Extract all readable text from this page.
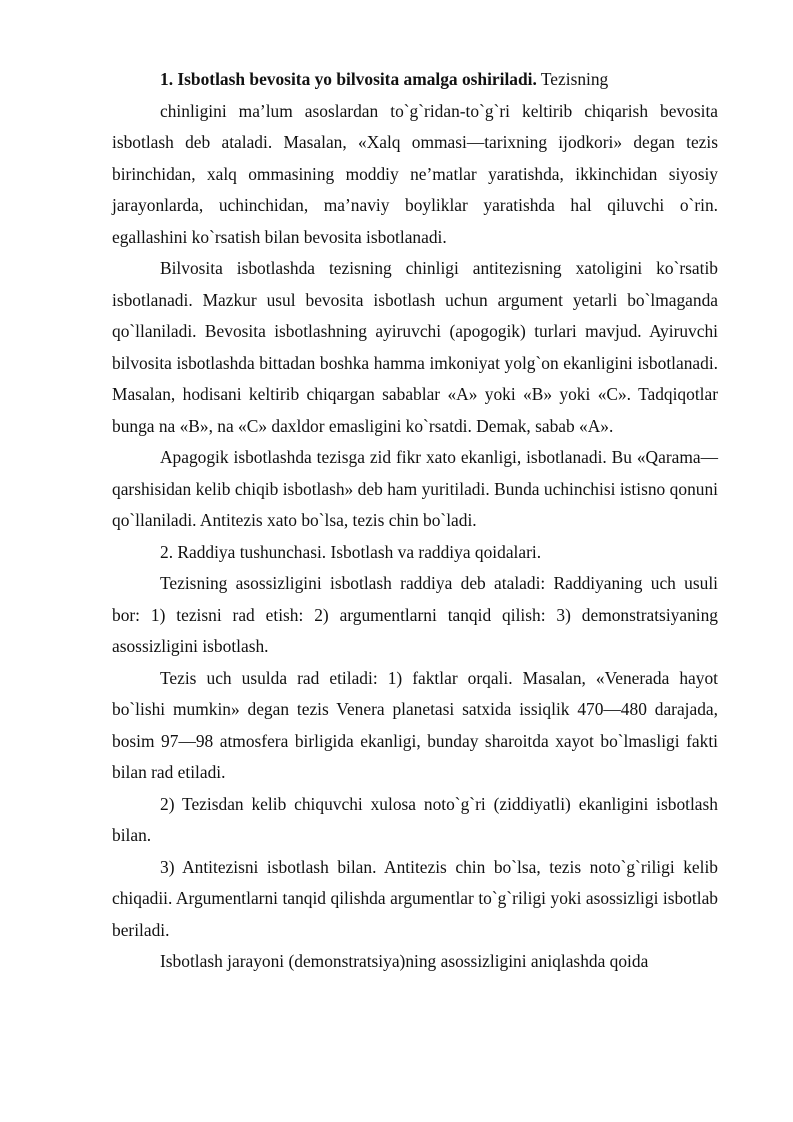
1. Isbotlash bevosita yo bilvosita amalga oshiriladi. Tezisning

chinligini ma’lum asoslardan to`g`ridan-to`g`ri keltirib chiqarish bevosita isbotlash deb ataladi. Masalan, «Xalq ommasi—tarixning ijodkori» degan tezis birinchidan, xalq ommasining moddiy ne’matlar yaratishda, ikkinchidan siyosiy jarayonlarda, uchinchidan, ma’naviy boyliklar yaratishda hal qiluvchi o`rin. egallashini ko`rsatish bilan bevosita isbotlanadi.

Bilvosita isbotlashda tezisning chinligi antitezisning xatoligini ko`rsatib isbotlanadi. Mazkur usul bevosita isbotlash uchun argument yetarli bo`lmaganda qo`llaniladi. Bevosita isbotlashning ayiruvchi (apogogik) turlari mavjud. Ayiruvchi bilvosita isbotlashda bittadan boshka hamma imkoniyat yolg`on ekanligini isbotlanadi. Masalan, hodisani keltirib chiqargan sabablar «A» yoki «B» yoki «C». Tadqiqotlar bunga na «B», na «C» daxldor emasligini ko`rsatdi. Demak, sabab «A».

Apagogik isbotlashda tezisga zid fikr xato ekanligi, isbotlanadi. Bu «Qarama—qarshisidan kelib chiqib isbotlash» deb ham yuritiladi. Bunda uchinchisi istisno qonuni qo`llaniladi. Antitezis xato bo`lsa, tezis chin bo`ladi.

2. Raddiya tushunchasi. Isbotlash va raddiya qoidalari.

Tezisning asossizligini isbotlash raddiya deb ataladi: Raddiyaning uch usuli bor: 1) tezisni rad etish: 2) argumentlarni tanqid qilish: 3) demonstratsiyaning asossizligini isbotlash.

Tezis uch usulda rad etiladi: 1) faktlar orqali. Masalan, «Venerada hayot bo`lishi mumkin» degan tezis Venera planetasi satxida issiqlik 470—480 darajada, bosim 97—98 atmosfera birligida ekanligi, bunday sharoitda xayot bo`lmasligi fakti bilan rad etiladi.

2) Tezisdan kelib chiquvchi xulosa noto`g`ri (ziddiyatli) ekanligini isbotlash bilan.

3) Antitezisni isbotlash bilan. Antitezis chin bo`lsa, tezis noto`g`riligi kelib chiqadii. Argumentlarni tanqid qilishda argumentlar to`g`riligi yoki asossizligi isbotlab beriladi.

Isbotlash jarayoni (demonstratsiya)ning asossizligini aniqlashda qoida
